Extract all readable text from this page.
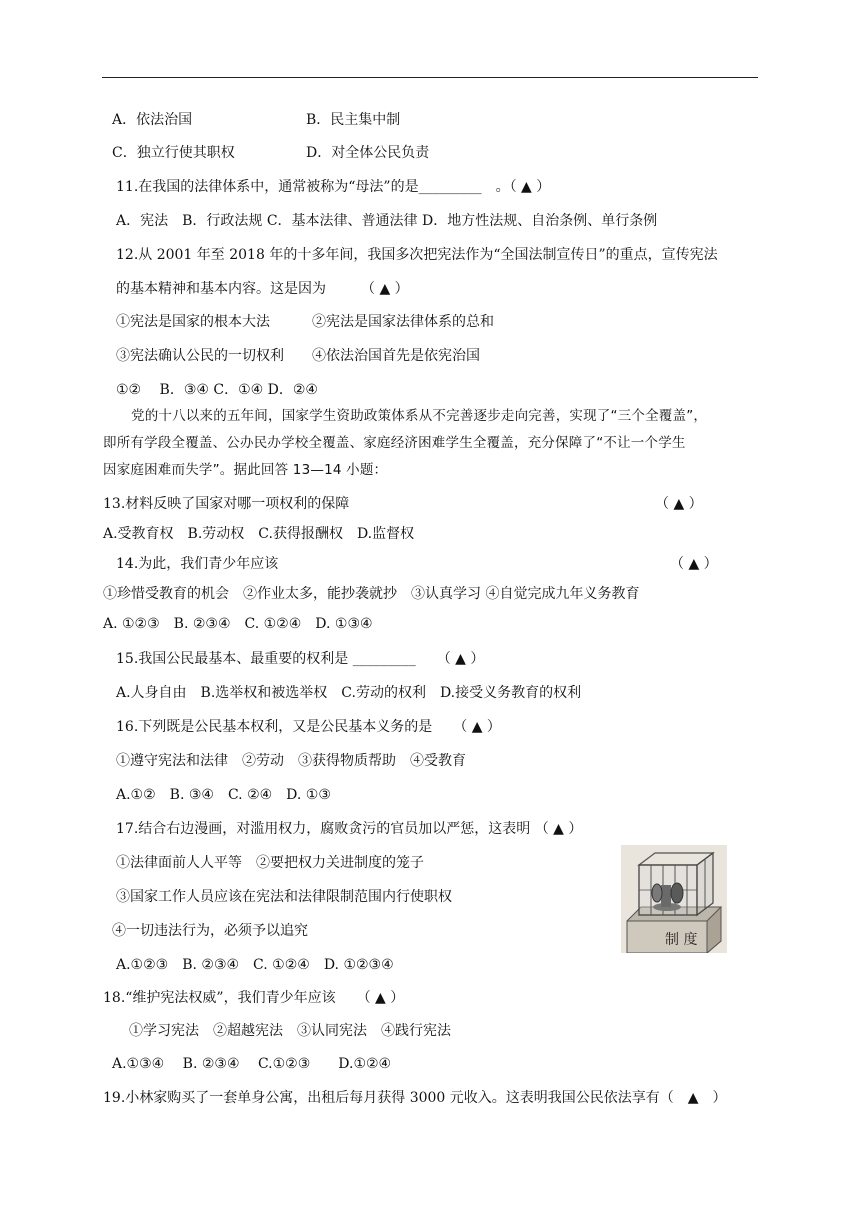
A．依法治国	B．民主集中制
C．独立行使其职权	D．对全体公民负责
11.在我国的法律体系中，通常被称为“母法”的是_________　。（ ▲ ）
A．宪法　B．行政法规 C．基本法律、普通法律 D．地方性法规、自治条例、单行条例
12.从 2001 年至 2018 年的十多年间，我国多次把宪法作为“全国法制宣传日”的重点，宣传宪法
的基本精神和基本内容。这是因为　　　（ ▲ ）
①宪法是国家的根本大法　　　②宪法是国家法律体系的总和
③宪法确认公民的一切权利　　④依法治国首先是依宪治国
①②　 B．③④ C．①④ D．②④
党的十八以来的五年间，国家学生资助政策体系从不完善逐步走向完善，实现了“三个全覆盖”，
即所有学段全覆盖、公办民办学校全覆盖、家庭经济困难学生全覆盖，充分保障了“不让一个学生
因家庭困难而失学”。据此回答 13—14 小题：
13.材料反映了国家对哪一项权利的保障	（ ▲ ）
A.受教育权　B.劳动权　C.获得报酬权　D.监督权
14.为此，我们青少年应该	（ ▲ ）
①珍惜受教育的机会　②作业太多，能抄袭就抄　③认真学习 ④自觉完成九年义务教育
A. ①②③　B. ②③④　C. ①②④　D. ①③④
15.我国公民最基本、最重要的权利是 _________　　（ ▲ ）
A.人身自由　B.选举权和被选举权　C.劳动的权利　D.接受义务教育的权利
16.下列既是公民基本权利，又是公民基本义务的是　　（ ▲ ）
①遵守宪法和法律　②劳动　③获得物质帮助　④受教育
A.①②　B. ③④　C. ②④　D. ①③
17.结合右边漫画，对滥用权力，腐败贪污的官员加以严惩，这表明 （ ▲ ）
①法律面前人人平等　②要把权力关进制度的笼子
③国家工作人员应该在宪法和法律限制范围内行使职权
④一切违法行为，必须予以追究
A.①②③　B. ②③④　C. ①②④　D. ①②③④
制 度
18.“维护宪法权威”，我们青少年应该　　（ ▲ ）
①学习宪法　②超越宪法　③认同宪法　④践行宪法
A.①③④　 B. ②③④　 C.①②③　　D.①②④
19.小林家购买了一套单身公寓，出租后每月获得 3000 元收入。这表明我国公民依法享有（　▲　）
